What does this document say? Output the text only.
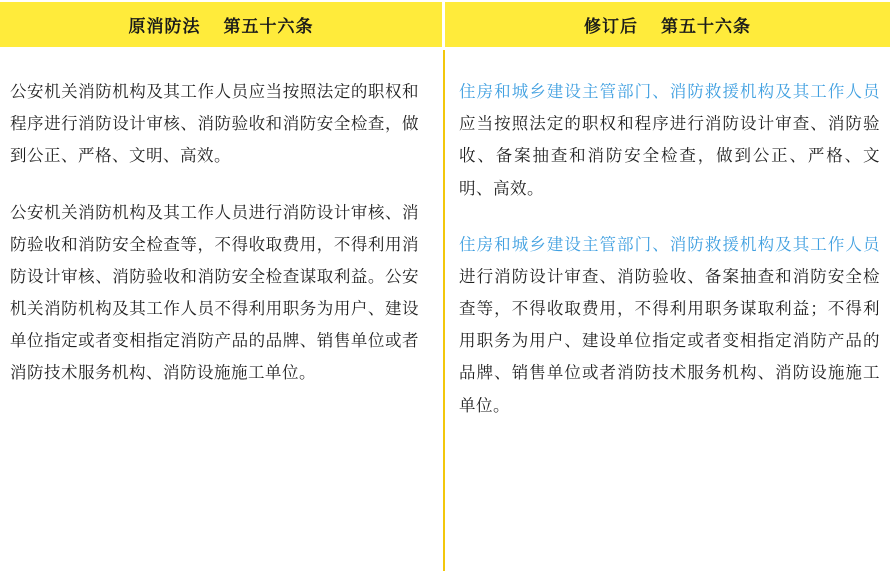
原消防法    第五十六条	修订后    第五十六条

公安机关消防机构及其工作人员应当按照法定的职权和程序进行消防设计审核、消防验收和消防安全检查，做到公正、严格、文明、高效。

公安机关消防机构及其工作人员进行消防设计审核、消防验收和消防安全检查等，不得收取费用，不得利用消防设计审核、消防验收和消防安全检查谋取利益。公安机关消防机构及其工作人员不得利用职务为用户、建设单位指定或者变相指定消防产品的品牌、销售单位或者消防技术服务机构、消防设施施工单位。

住房和城乡建设主管部门、消防救援机构及其工作人员应当按照法定的职权和程序进行消防设计审查、消防验收、备案抽查和消防安全检查，做到公正、严格、文明、高效。

住房和城乡建设主管部门、消防救援机构及其工作人员进行消防设计审查、消防验收、备案抽查和消防安全检查等，不得收取费用，不得利用职务谋取利益；不得利用职务为用户、建设单位指定或者变相指定消防产品的品牌、销售单位或者消防技术服务机构、消防设施施工单位。
